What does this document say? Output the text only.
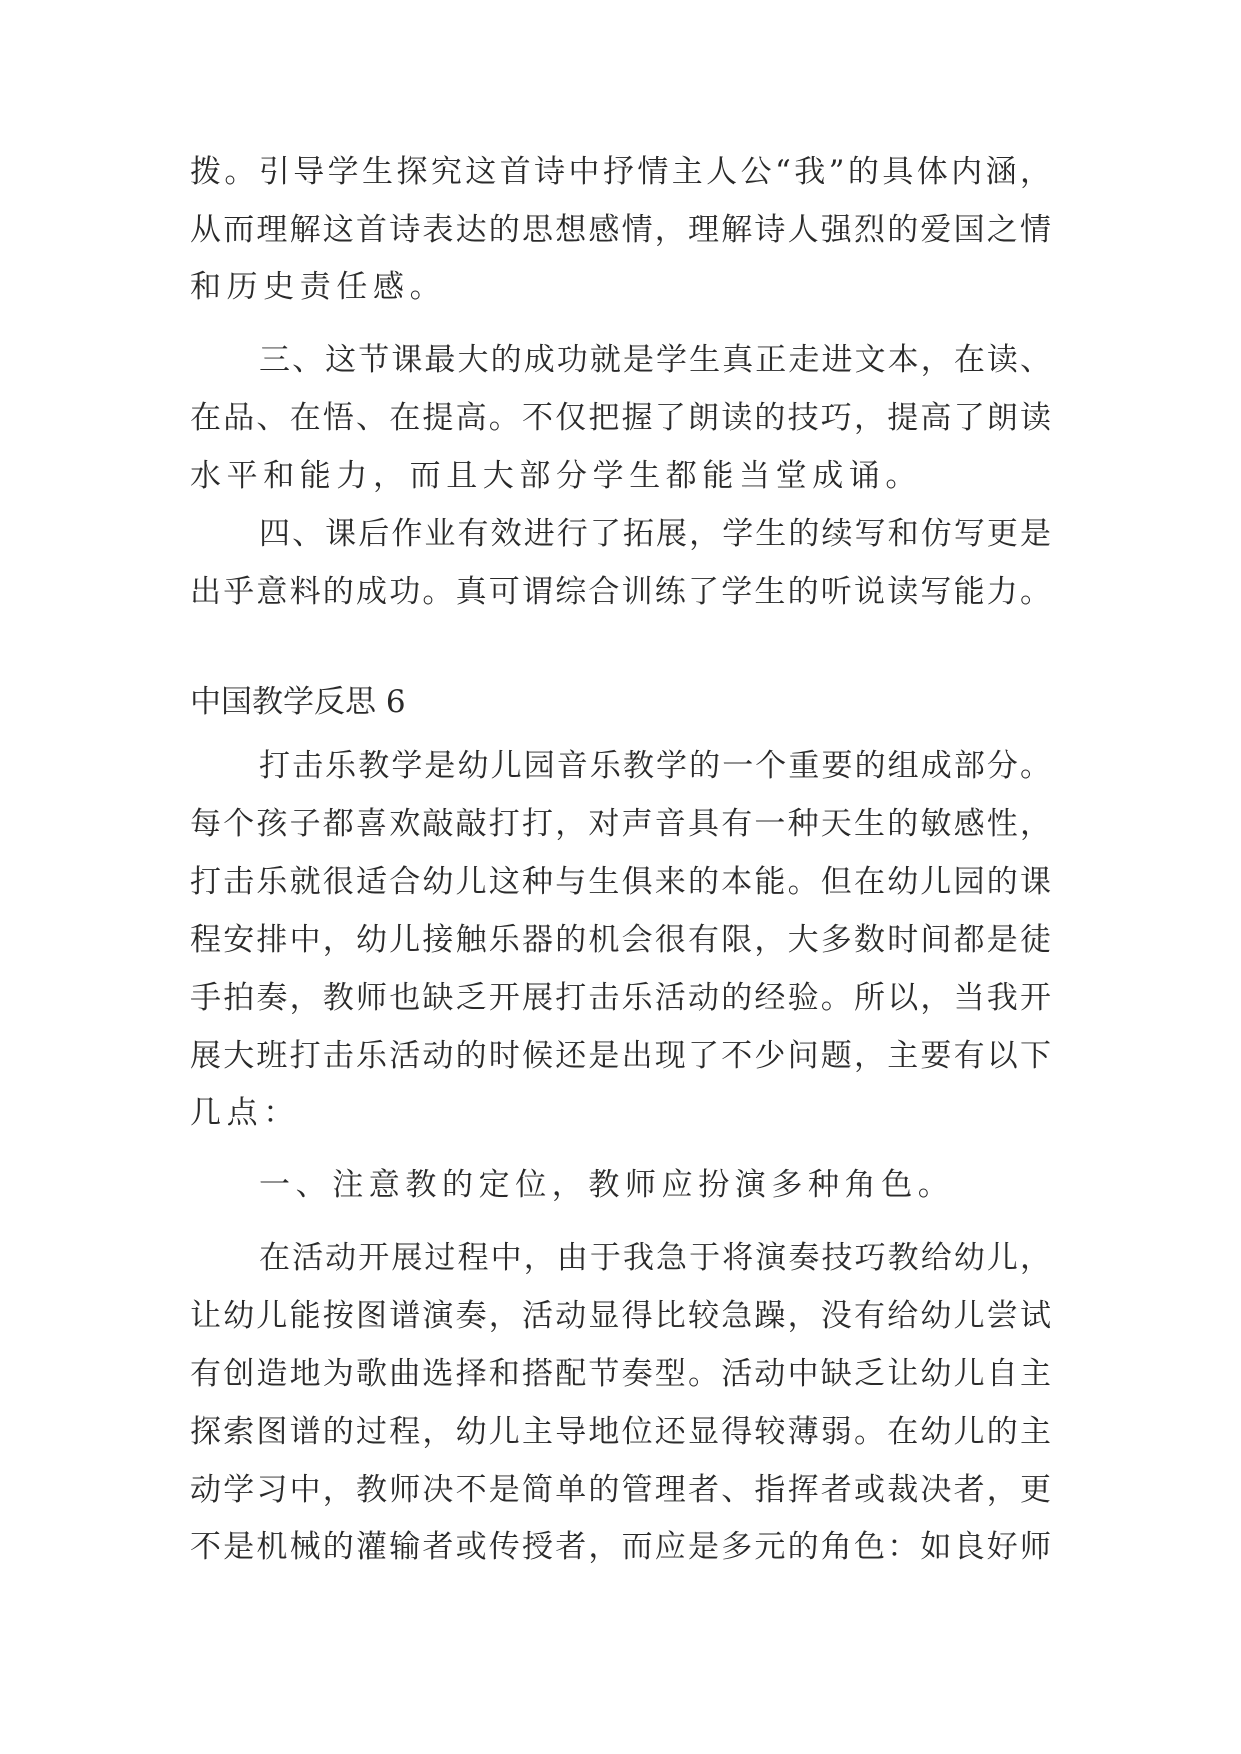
拨。引导学生探究这首诗中抒情主人公“我”的具体内涵，
从而理解这首诗表达的思想感情，理解诗人强烈的爱国之情
和历史责任感。
三、这节课最大的成功就是学生真正走进文本，在读、
在品、在悟、在提高。不仅把握了朗读的技巧，提高了朗读
水平和能力，而且大部分学生都能当堂成诵。
四、课后作业有效进行了拓展，学生的续写和仿写更是
出乎意料的成功。真可谓综合训练了学生的听说读写能力。
中国教学反思 6
打击乐教学是幼儿园音乐教学的一个重要的组成部分。
每个孩子都喜欢敲敲打打，对声音具有一种天生的敏感性，
打击乐就很适合幼儿这种与生俱来的本能。但在幼儿园的课
程安排中，幼儿接触乐器的机会很有限，大多数时间都是徒
手拍奏，教师也缺乏开展打击乐活动的经验。所以，当我开
展大班打击乐活动的时候还是出现了不少问题，主要有以下
几点：
一、注意教的定位，教师应扮演多种角色。
在活动开展过程中，由于我急于将演奏技巧教给幼儿，
让幼儿能按图谱演奏，活动显得比较急躁，没有给幼儿尝试
有创造地为歌曲选择和搭配节奏型。活动中缺乏让幼儿自主
探索图谱的过程，幼儿主导地位还显得较薄弱。在幼儿的主
动学习中，教师决不是简单的管理者、指挥者或裁决者，更
不是机械的灌输者或传授者，而应是多元的角色：如良好师
